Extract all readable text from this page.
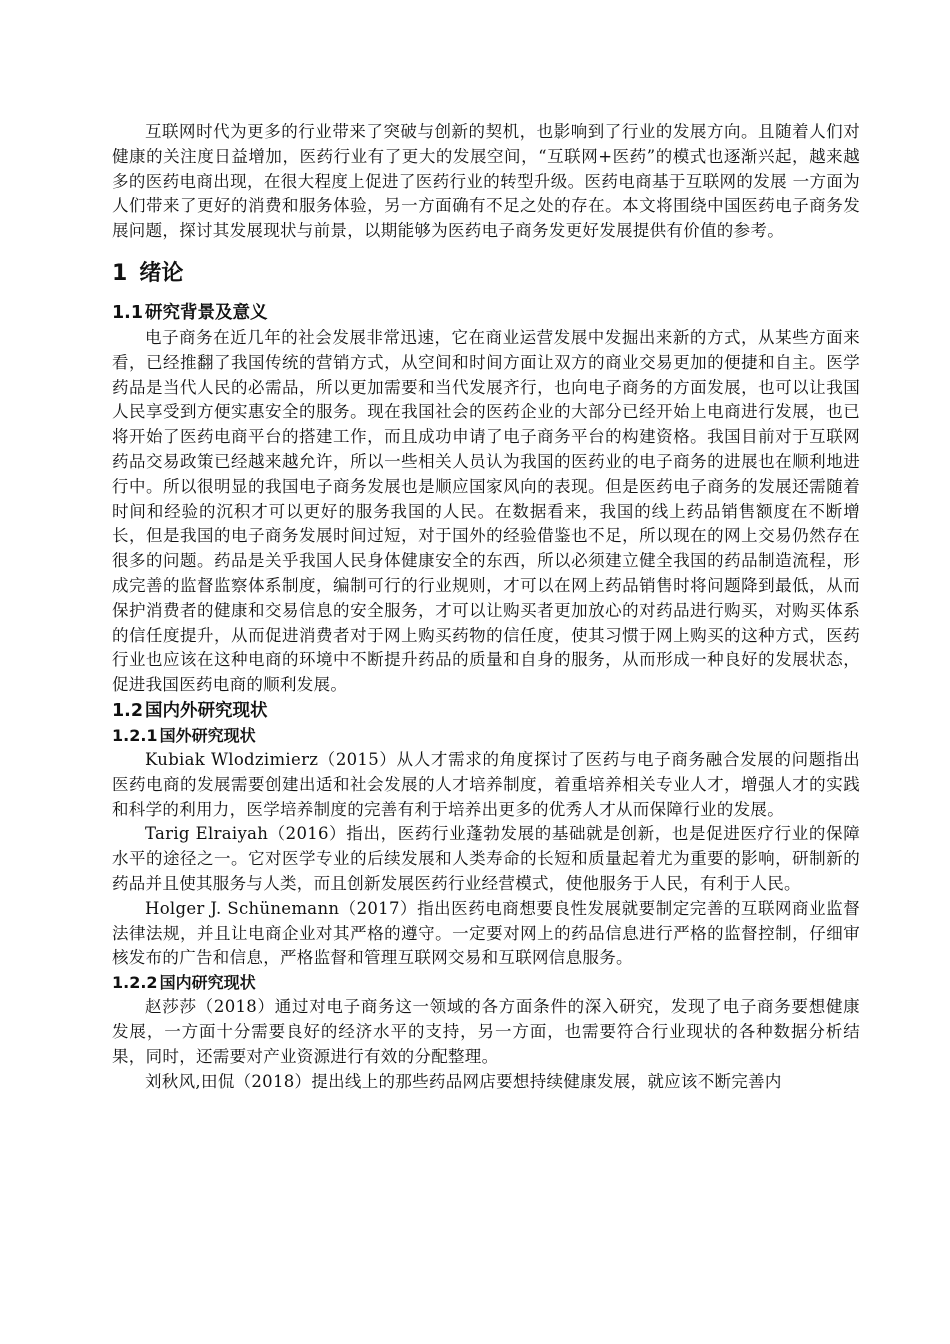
互联网时代为更多的行业带来了突破与创新的契机，也影响到了行业的发展方向。且随着人们对健康的关注度日益增加，医药行业有了更大的发展空间，“互联网+医药”的模式也逐渐兴起，越来越多的医药电商出现，在很大程度上促进了医药行业的转型升级。医药电商基于互联网的发展 一方面为人们带来了更好的消费和服务体验，另一方面确有不足之处的存在。本文将围绕中国医药电子商务发展问题，探讨其发展现状与前景，以期能够为医药电子商务发更好发展提供有价值的参考。

1 绪论
1.1 研究背景及意义

电子商务在近几年的社会发展非常迅速，它在商业运营发展中发掘出来新的方式，从某些方面来看，已经推翻了我国传统的营销方式，从空间和时间方面让双方的商业交易更加的便捷和自主。医学药品是当代人民的必需品，所以更加需要和当代发展齐行，也向电子商务的方面发展，也可以让我国人民享受到方便实惠安全的服务。现在我国社会的医药企业的大部分已经开始上电商进行发展，也已将开始了医药电商平台的搭建工作，而且成功申请了电子商务平台的构建资格。我国目前对于互联网药品交易政策已经越来越允许，所以一些相关人员认为我国的医药业的电子商务的进展也在顺利地进行中。所以很明显的我国电子商务发展也是顺应国家风向的表现。但是医药电子商务的发展还需随着时间和经验的沉积才可以更好的服务我国的人民。在数据看来，我国的线上药品销售额度在不断增长，但是我国的电子商务发展时间过短，对于国外的经验借鉴也不足，所以现在的网上交易仍然存在很多的问题。药品是关乎我国人民身体健康安全的东西，所以必须建立健全我国的药品制造流程，形成完善的监督监察体系制度，编制可行的行业规则，才可以在网上药品销售时将问题降到最低，从而保护消费者的健康和交易信息的安全服务，才可以让购买者更加放心的对药品进行购买，对购买体系的信任度提升，从而促进消费者对于网上购买药物的信任度，使其习惯于网上购买的这种方式，医药行业也应该在这种电商的环境中不断提升药品的质量和自身的服务，从而形成一种良好的发展状态，促进我国医药电商的顺利发展。

1.2 国内外研究现状
1.2.1 国外研究现状

Kubiak Wlodzimierz（2015）从人才需求的角度探讨了医药与电子商务融合发展的问题指出医药电商的发展需要创建出适和社会发展的人才培养制度，着重培养相关专业人才，增强人才的实践和科学的利用力，医学培养制度的完善有利于培养出更多的优秀人才从而保障行业的发展。

Tarig Elraiyah（2016）指出，医药行业蓬勃发展的基础就是创新，也是促进医疗行业的保障水平的途径之一。它对医学专业的后续发展和人类寿命的长短和质量起着尤为重要的影响，研制新的药品并且使其服务与人类，而且创新发展医药行业经营模式，使他服务于人民，有利于人民。

Holger J. Schünemann（2017）指出医药电商想要良性发展就要制定完善的互联网商业监督法律法规，并且让电商企业对其严格的遵守。一定要对网上的药品信息进行严格的监督控制，仔细审核发布的广告和信息，严格监督和管理互联网交易和互联网信息服务。

1.2.2 国内研究现状

赵莎莎（2018）通过对电子商务这一领域的各方面条件的深入研究，发现了电子商务要想健康发展，一方面十分需要良好的经济水平的支持，另一方面，也需要符合行业现状的各种数据分析结果，同时，还需要对产业资源进行有效的分配整理。

刘秋风,田侃（2018）提出线上的那些药品网店要想持续健康发展，就应该不断完善内
